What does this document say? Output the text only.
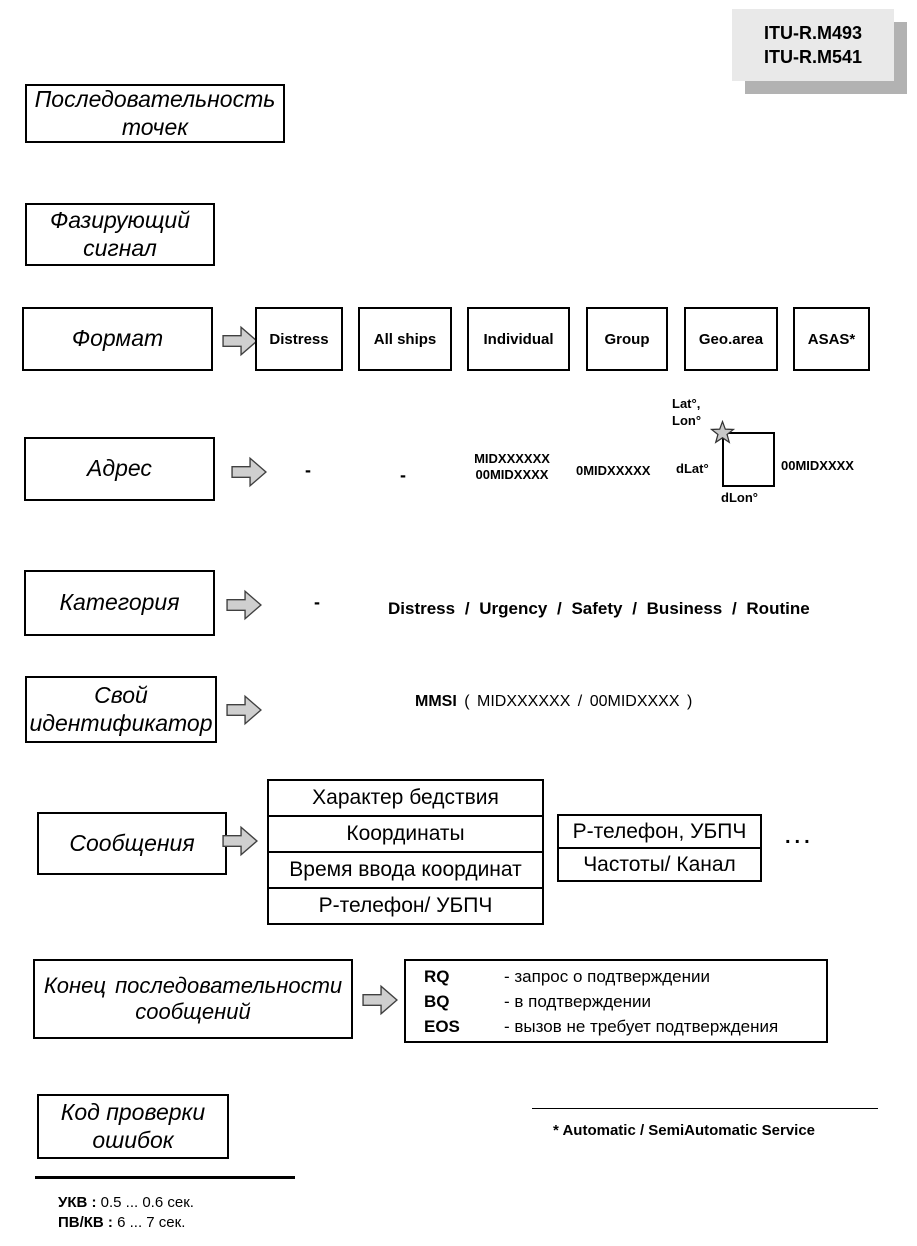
ITU-R.M493
ITU-R.M541
Последовательность точек
Фазирующий сигнал
Формат
Адрес
Категория
Свой идентификатор
Сообщения
Конец последовательности сообщений
Код проверки ошибок
Distress	All ships	Individual	Group	Geo.area	ASAS*
-	-
MIDXXXXXX
00MIDXXXX	0MIDXXXXX
Lat°,
Lon°
dLat°
dLon°
00MIDXXXX
-	Distress / Urgency / Safety / Business / Routine
MMSI ( MIDXXXXXX / 00MIDXXXX )
Характер бедствия
Координаты
Время ввода координат
Р-телефон/ УБПЧ
Р-телефон, УБПЧ
Частоты/ Канал
...
RQ	- запрос о подтверждении
BQ	- в подтверждении
EOS	- вызов не требует подтверждения
УКВ : 0.5 ... 0.6 сек.
ПВ/КВ : 6 ... 7 сек.
* Automatic / SemiAutomatic Service
